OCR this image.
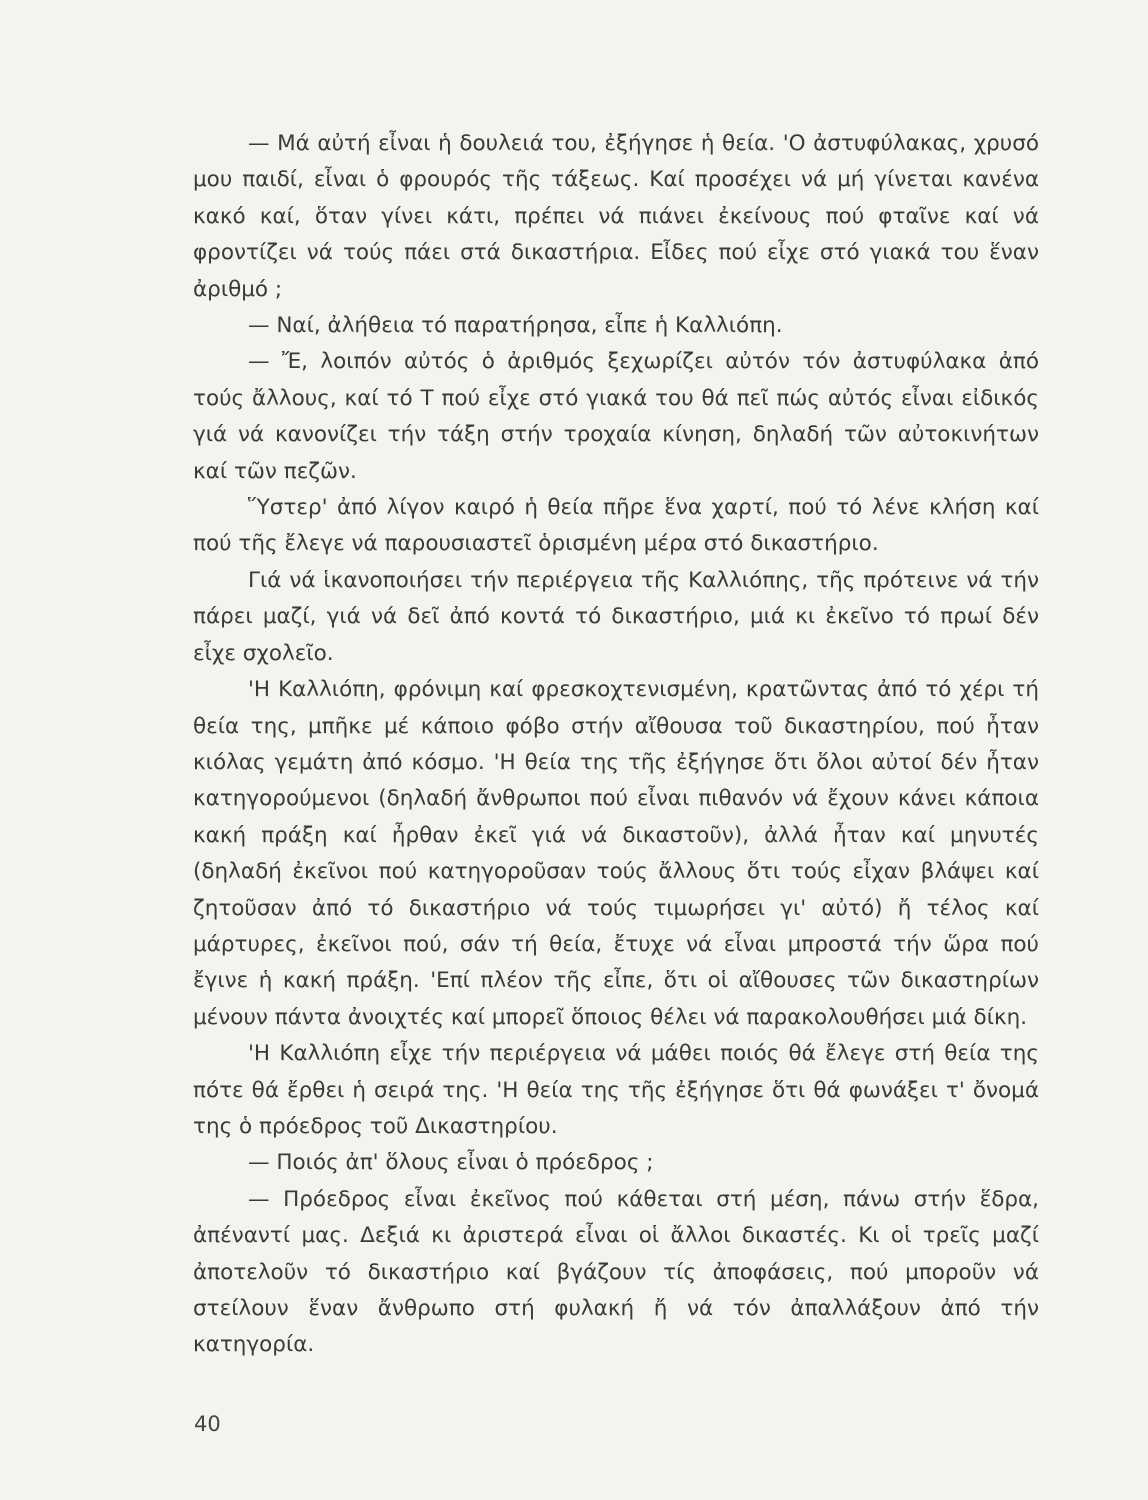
— Μά αὐτή εἶναι ἡ δουλειά του, ἐξήγησε ἡ θεία. 'Ο ἀστυφύλακας, χρυσό μου παιδί, εἶναι ὁ φρουρός τῆς τάξεως. Καί προσέχει νά μή γίνεται κανένα κακό καί, ὅταν γίνει κάτι, πρέπει νά πιάνει ἐκείνους πού φταῖνε καί νά φροντίζει νά τούς πάει στά δικαστήρια. Εἶδες πού εἶχε στό γιακά του ἕναν ἀριθμό ;

— Ναί, ἀλήθεια τό παρατήρησα, εἶπε ἡ Καλλιόπη.

— Ἔ, λοιπόν αὐτός ὁ ἀριθμός ξεχωρίζει αὐτόν τόν ἀστυφύλακα ἀπό τούς ἄλλους, καί τό Τ πού εἶχε στό γιακά του θά πεῖ πώς αὐτός εἶναι εἰδικός γιά νά κανονίζει τήν τάξη στήν τροχαία κίνηση, δηλαδή τῶν αὐτοκινήτων καί τῶν πεζῶν.

Ὕστερ' ἀπό λίγον καιρό ἡ θεία πῆρε ἕνα χαρτί, πού τό λένε κλήση καί πού τῆς ἔλεγε νά παρουσιαστεῖ ὁρισμένη μέρα στό δικαστήριο.

Γιά νά ἱκανοποιήσει τήν περιέργεια τῆς Καλλιόπης, τῆς πρότεινε νά τήν πάρει μαζί, γιά νά δεῖ ἀπό κοντά τό δικαστήριο, μιά κι ἐκεῖνο τό πρωί δέν εἶχε σχολεῖο.

'Η Καλλιόπη, φρόνιμη καί φρεσκοχτενισμένη, κρατῶντας ἀπό τό χέρι τή θεία της, μπῆκε μέ κάποιο φόβο στήν αἴθουσα τοῦ δικαστηρίου, πού ἦταν κιόλας γεμάτη ἀπό κόσμο. 'Η θεία της τῆς ἐξήγησε ὅτι ὅλοι αὐτοί δέν ἦταν κατηγορούμενοι (δηλαδή ἄνθρωποι πού εἶναι πιθανόν νά ἔχουν κάνει κάποια κακή πράξη καί ἦρθαν ἐκεῖ γιά νά δικαστοῦν), ἀλλά ἦταν καί μηνυτές (δηλαδή ἐκεῖνοι πού κατηγοροῦσαν τούς ἄλλους ὅτι τούς εἶχαν βλάψει καί ζητοῦσαν ἀπό τό δικαστήριο νά τούς τιμωρήσει γι' αὐτό) ἤ τέλος καί μάρτυρες, ἐκεῖνοι πού, σάν τή θεία, ἔτυχε νά εἶναι μπροστά τήν ὥρα πού ἔγινε ἡ κακή πράξη. 'Επί πλέον τῆς εἶπε, ὅτι οἱ αἴθουσες τῶν δικαστηρίων μένουν πάντα ἀνοιχτές καί μπορεῖ ὅποιος θέλει νά παρακολουθήσει μιά δίκη.

'Η Καλλιόπη εἶχε τήν περιέργεια νά μάθει ποιός θά ἔλεγε στή θεία της πότε θά ἔρθει ἡ σειρά της. 'Η θεία της τῆς ἐξήγησε ὅτι θά φωνάξει τ' ὄνομά της ὁ πρόεδρος τοῦ Δικαστηρίου.

— Ποιός ἀπ' ὅλους εἶναι ὁ πρόεδρος ;

— Πρόεδρος εἶναι ἐκεῖνος πού κάθεται στή μέση, πάνω στήν ἕδρα, ἀπέναντί μας. Δεξιά κι ἀριστερά εἶναι οἱ ἄλλοι δικαστές. Κι οἱ τρεῖς μαζί ἀποτελοῦν τό δικαστήριο καί βγάζουν τίς ἀποφάσεις, πού μποροῦν νά στείλουν ἕναν ἄνθρωπο στή φυλακή ἤ νά τόν ἀπαλλάξουν ἀπό τήν κατηγορία.

40
